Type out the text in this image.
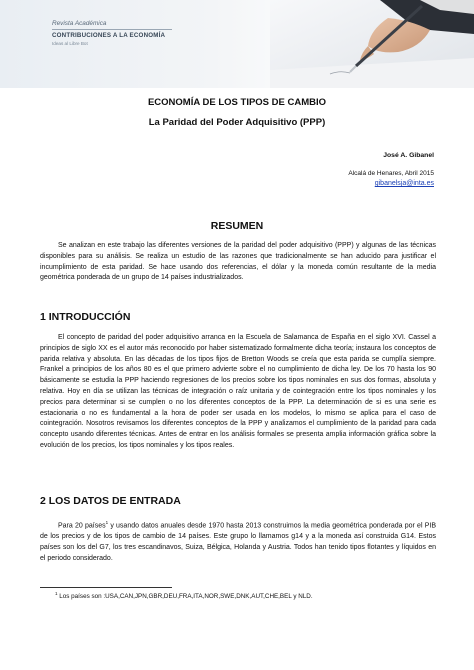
Revista Académica
CONTRIBUCIONES A LA ECONOMÍA
Ideas al Libre Bot
ECONOMÍA DE LOS TIPOS DE CAMBIO
La Paridad del Poder Adquisitivo (PPP)
José A. Gibanel
Alcalá de Henares, Abril 2015
gibanelsja@inta.es
RESUMEN

Se analizan en este trabajo las diferentes versiones de la paridad del poder adquisitivo (PPP) y algunas de las técnicas disponibles para su análisis. Se realiza un estudio de las razones que tradicionalmente se han aducido para justificar el incumplimiento de esta paridad. Se hace usando dos referencias, el dólar y la moneda común resultante de la media geométrica ponderada de un grupo de 14 países industrializados.

1 INTRODUCCIÓN

El concepto de paridad del poder adquisitivo arranca en la Escuela de Salamanca de España en el siglo XVI. Cassel a principios de siglo XX es el autor más reconocido por haber sistematizado formalmente dicha teoría; instaura los conceptos de parida relativa y absoluta. En las décadas de los tipos fijos de Bretton Woods se creía que esta parida se cumplía siempre. Frankel a principios de los años 80 es el que primero advierte sobre el no cumplimiento de dicha ley. De los 70 hasta los 90 básicamente se estudia la PPP haciendo regresiones de los precios sobre los tipos nominales en sus dos formas, absoluta y relativa. Hoy en día se utilizan las técnicas de integración o raíz unitaria y de cointegración entre los tipos nominales y los precios para determinar si se cumplen o no los diferentes conceptos de la PPP. La determinación de si es una serie es estacionaria o no es fundamental a la hora de poder ser usada en los modelos, lo mismo se aplica para el caso de cointegración. Nosotros revisamos los diferentes conceptos de la PPP y analizamos el cumplimiento de la paridad para cada concepto usando diferentes técnicas. Antes de entrar en los análisis formales se presenta amplia información gráfica sobre la evolución de los precios, los tipos nominales y los tipos reales.

2 LOS DATOS DE ENTRADA

Para 20 países$^1$ y usando datos anuales desde 1970 hasta 2013 construimos la media geométrica ponderada por el PIB de los precios y de los tipos de cambio de 14 países. Este grupo lo llamamos g14 y a la moneda así construida G14. Estos países son los del G7, los tres escandinavos, Suiza, Bélgica, Holanda y Austria. Todos han tenido tipos flotantes y líquidos en el periodo considerado.

$^1$ Los países son :USA,CAN,JPN,GBR,DEU,FRA,ITA,NOR,SWE,DNK,AUT,CHE,BEL y NLD.
